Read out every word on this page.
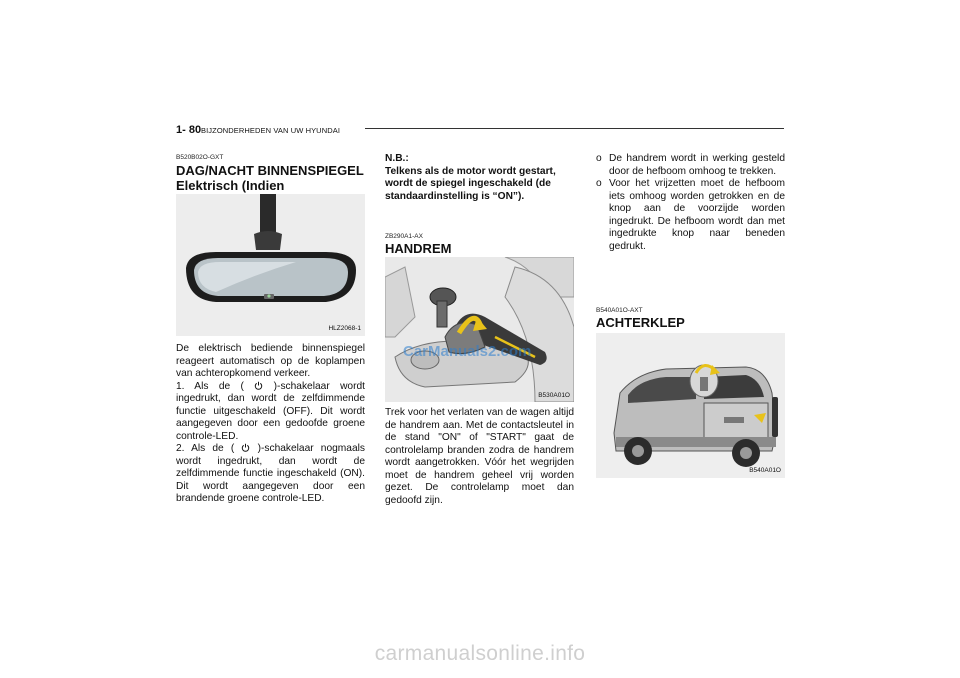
1- 80 BIJZONDERHEDEN VAN UW HYUNDAI
B520B02O-GXT
DAG/NACHT BINNENSPIEGEL
Elektrisch (Indien
HLZ2068-1

De elektrisch bediende binnenspiegel reageert automatisch op de koplampen van achteropkomend verkeer.

1. Als de (	)-schakelaar wordt ingedrukt, dan wordt de zelfdimmende functie uitgeschakeld (OFF). Dit wordt aangegeven door een gedoofde groene controle-LED.

2. Als de ( )-schakelaar nogmaals wordt ingedrukt, dan wordt de zelfdimmende functie ingeschakeld (ON). Dit wordt aangegeven door een brandende groene controle-LED.

N.B.:
Telkens als de motor wordt gestart, wordt de spiegel ingeschakeld (de standaardinstelling is “ON”).
ZB290A1-AX
HANDREM
CarManuals2.com
B530A01O
Trek voor het verlaten van de wagen altijd de handrem aan. Met de contactsleutel in de stand "ON" of "START" gaat de controlelamp branden zodra de handrem wordt aangetrokken. Vóór het wegrijden moet de handrem geheel vrij worden gezet. De controlelamp moet dan gedoofd zijn.
o De handrem wordt in werking gesteld door de hefboom omhoog te trekken.
o Voor het vrijzetten moet de hefboom iets omhoog worden getrokken en de knop aan de voorzijde worden ingedrukt. De hefboom wordt dan met ingedrukte knop naar beneden gedrukt.
B540A01O-AXT
ACHTERKLEP
B540A01O
carmanualsonline.info
